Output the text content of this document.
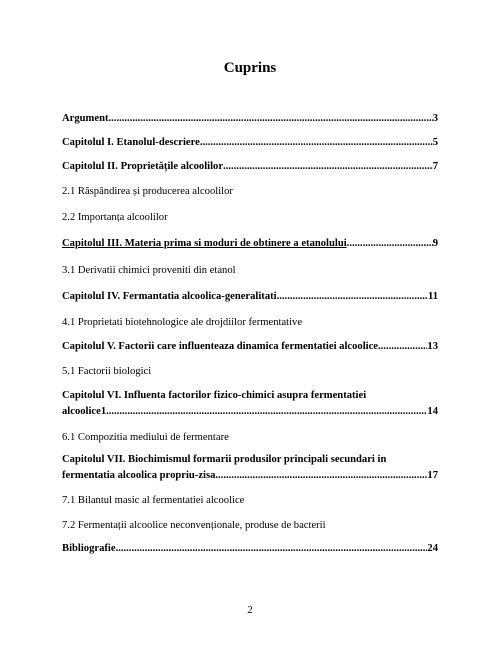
Cuprins
Argument .....	3
Capitolul I. Etanolul-descriere .....	5
Capitolul II. Proprietățile alcoolilor .....	7
2.1 Răspândirea și producerea alcoolilor
2.2 Importanța alcoolilor
Capitolul III. Materia prima si moduri de obtinere a etanolului .....	9
3.1 Derivatii chimici proveniti din etanol
Capitolul IV. Fermantatia alcoolica-generalitati .....	11
4.1 Proprietati biotehnologice ale drojdiilor fermentative
Capitolul V. Factorii care influenteaza dinamica fermentatiei alcoolice .....	13
5.1 Factorii biologici
Capitolul VI. Influenta factorilor fizico-chimici asupra fermentatiei
alcoolice1 .....	14
6.1 Compozitia mediului de fermentare
Capitolul VII. Biochimismul formarii produsilor principali secundari in
fermentatia alcoolica propriu-zisa .....	17
7.1 Bilantul masic al fermentatiei alcoolice
7.2 Fermentații alcoolice neconvenționale, produse de bacterii
Bibliografie .....	24
2
